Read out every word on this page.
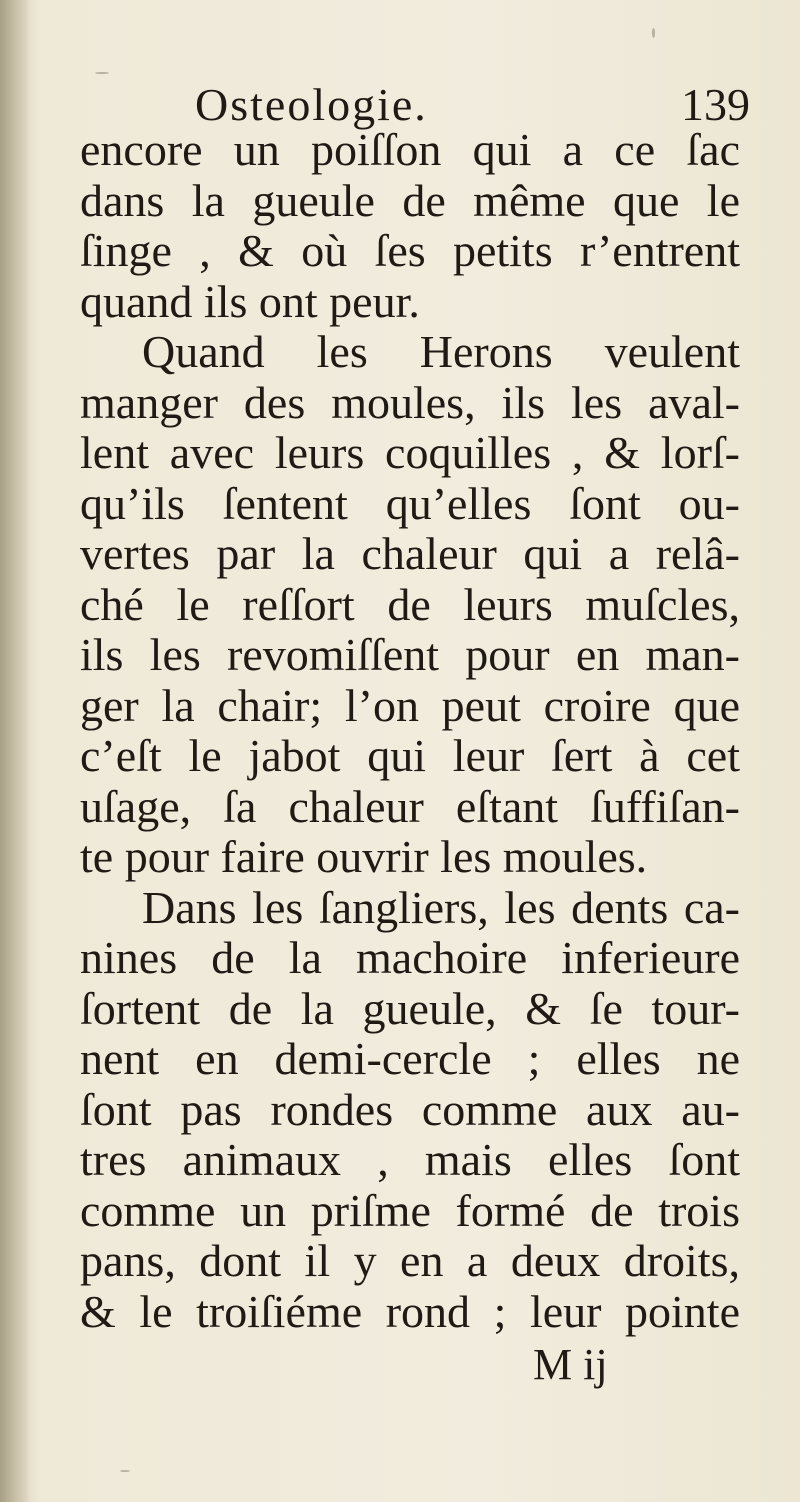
Osteologie.	139
encore un poiſſon qui a ce ſac
dans la gueule de même que le
ſinge , & où ſes petits r’entrent
quand ils ont peur.
Quand les Herons veulent
manger des moules, ils les aval-
lent avec leurs coquilles , & lorſ-
qu’ils ſentent qu’elles ſont ou-
vertes par la chaleur qui a relâ-
ché le reſſort de leurs muſcles,
ils les revomiſſent pour en man-
ger la chair; l’on peut croire que
c’eſt le jabot qui leur ſert à cet
uſage, ſa chaleur eſtant ſuffiſan-
te pour faire ouvrir les moules.
Dans les ſangliers, les dents ca-
nines de la machoire inferieure
ſortent de la gueule, & ſe tour-
nent en demi-cercle ; elles ne
ſont pas rondes comme aux au-
tres animaux , mais elles ſont
comme un priſme formé de trois
pans, dont il y en a deux droits,
& le troiſiéme rond ; leur pointe
M ij
